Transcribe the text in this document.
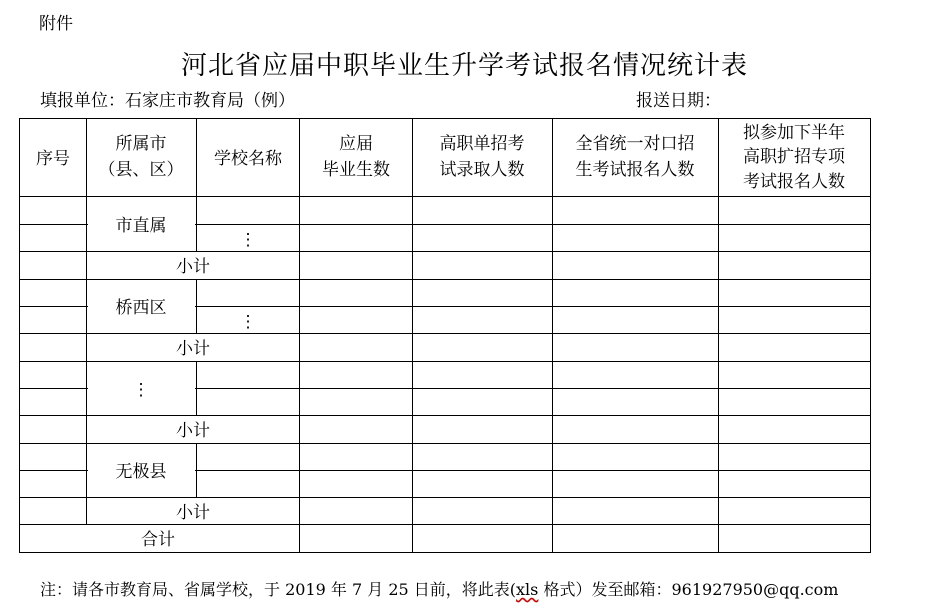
附件
河北省应届中职毕业生升学考试报名情况统计表
填报单位：石家庄市教育局（例）	报送日期：
序号
所属市
（县、区）
学校名称
应届
毕业生数
高职单招考
试录取人数
全省统一对口招
生考试报名人数
拟参加下半年
高职扩招专项
考试报名人数
市直属
⋮
小计
桥西区
⋮
小计
⋮
小计
无极县
小计
合计
注：请各市教育局、省属学校，于 2019 年 7 月 25 日前，将此表(xls 格式）发至邮箱：961927950@qq.com
